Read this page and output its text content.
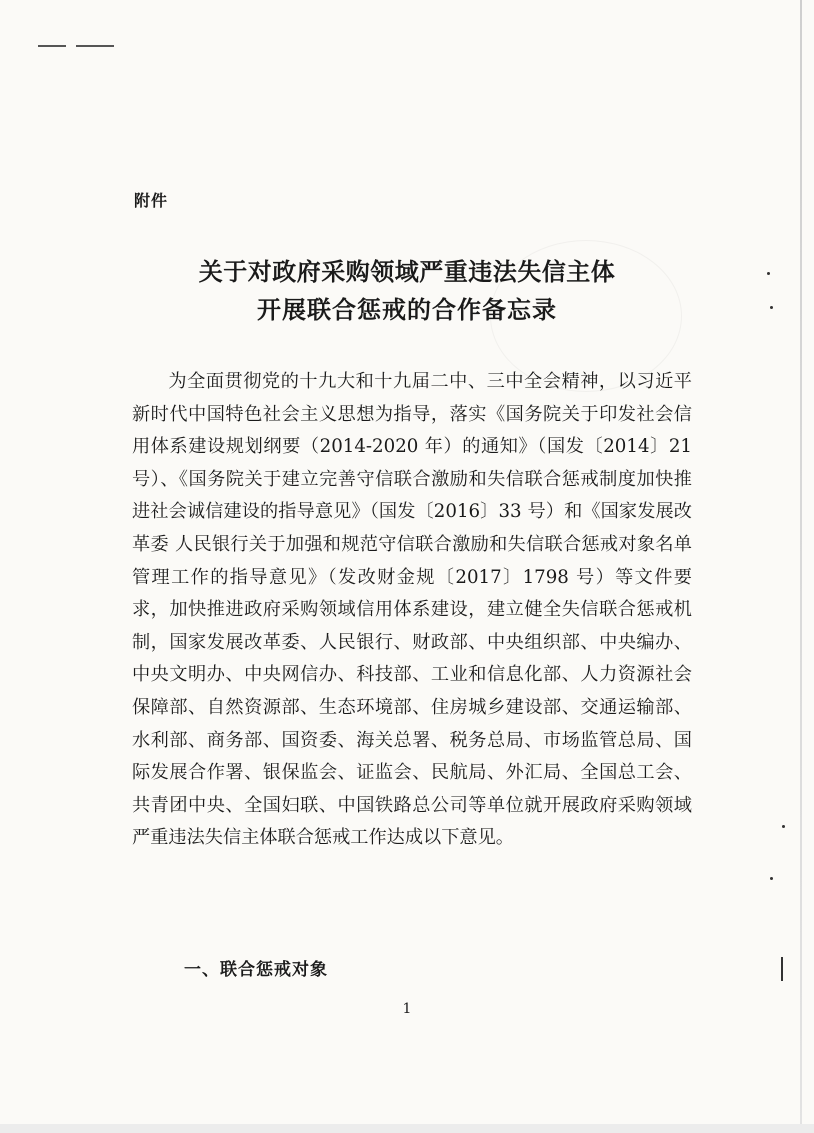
附件
关于对政府采购领域严重违法失信主体
开展联合惩戒的合作备忘录

为全面贯彻党的十九大和十九届二中、三中全会精神，以习近平新时代中国特色社会主义思想为指导，落实《国务院关于印发社会信用体系建设规划纲要（2014-2020 年）的通知》（国发〔2014〕21 号）、《国务院关于建立完善守信联合激励和失信联合惩戒制度加快推进社会诚信建设的指导意见》（国发〔2016〕33 号）和《国家发展改革委 人民银行关于加强和规范守信联合激励和失信联合惩戒对象名单管理工作的指导意见》（发改财金规〔2017〕1798 号）等文件要求，加快推进政府采购领域信用体系建设，建立健全失信联合惩戒机制，国家发展改革委、人民银行、财政部、中央组织部、中央编办、中央文明办、中央网信办、科技部、工业和信息化部、人力资源社会保障部、自然资源部、生态环境部、住房城乡建设部、交通运输部、水利部、商务部、国资委、海关总署、税务总局、市场监管总局、国际发展合作署、银保监会、证监会、民航局、外汇局、全国总工会、共青团中央、全国妇联、中国铁路总公司等单位就开展政府采购领域严重违法失信主体联合惩戒工作达成以下意见。

一、联合惩戒对象
1
